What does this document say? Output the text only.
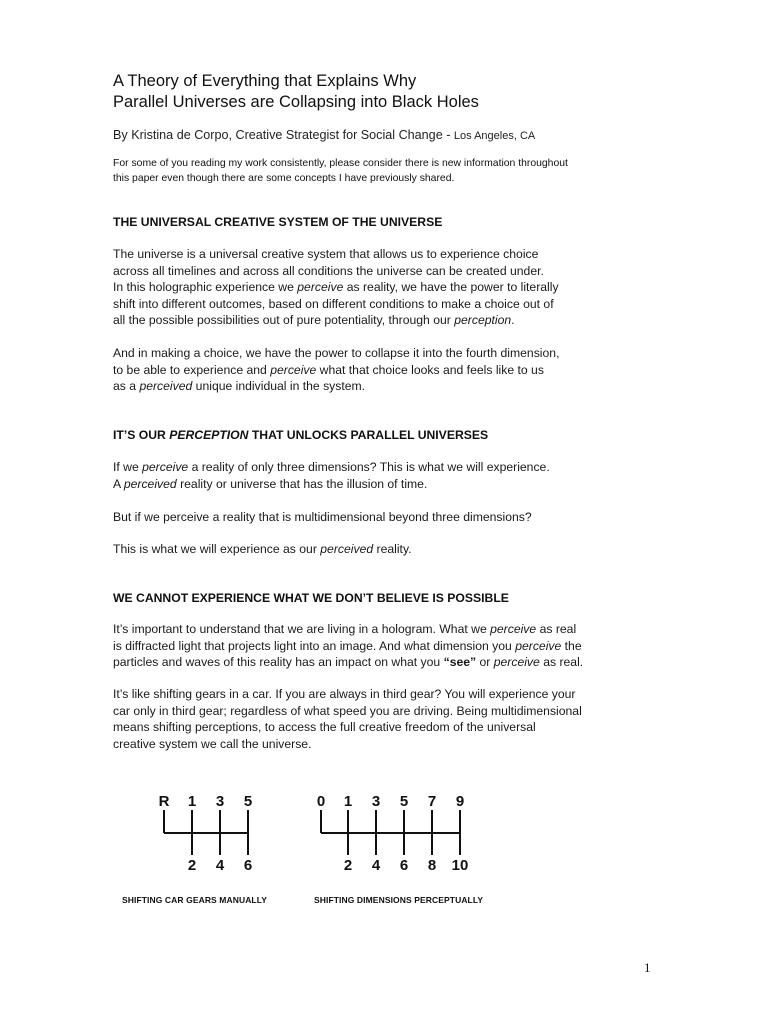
A Theory of Everything that Explains Why
Parallel Universes are Collapsing into Black Holes

By Kristina de Corpo, Creative Strategist for Social Change - Los Angeles, CA

For some of you reading my work consistently, please consider there is new information throughout
this paper even though there are some concepts I have previously shared.

THE UNIVERSAL CREATIVE SYSTEM OF THE UNIVERSE

The universe is a universal creative system that allows us to experience choice
across all timelines and across all conditions the universe can be created under.
In this holographic experience we perceive as reality, we have the power to literally
shift into different outcomes, based on different conditions to make a choice out of
all the possible possibilities out of pure potentiality, through our perception.

And in making a choice, we have the power to collapse it into the fourth dimension,
to be able to experience and perceive what that choice looks and feels like to us
as a perceived unique individual in the system.

IT’S OUR PERCEPTION THAT UNLOCKS PARALLEL UNIVERSES

If we perceive a reality of only three dimensions? This is what we will experience.
A perceived reality or universe that has the illusion of time.

But if we perceive a reality that is multidimensional beyond three dimensions?

This is what we will experience as our perceived reality.

WE CANNOT EXPERIENCE WHAT WE DON’T BELIEVE IS POSSIBLE

It’s important to understand that we are living in a hologram. What we perceive as real
is diffracted light that projects light into an image. And what dimension you perceive the
particles and waves of this reality has an impact on what you “see” or perceive as real.

It’s like shifting gears in a car. If you are always in third gear? You will experience your
car only in third gear; regardless of what speed you are driving. Being multidimensional
means shifting perceptions, to access the full creative freedom of the universal
creative system we call the universe.

R 1 3 5
2 4 6
0 1 3 5 7 9
2 4 6 8 10

SHIFTING CAR GEARS MANUALLY	SHIFTING DIMENSIONS PERCEPTUALLY

1
